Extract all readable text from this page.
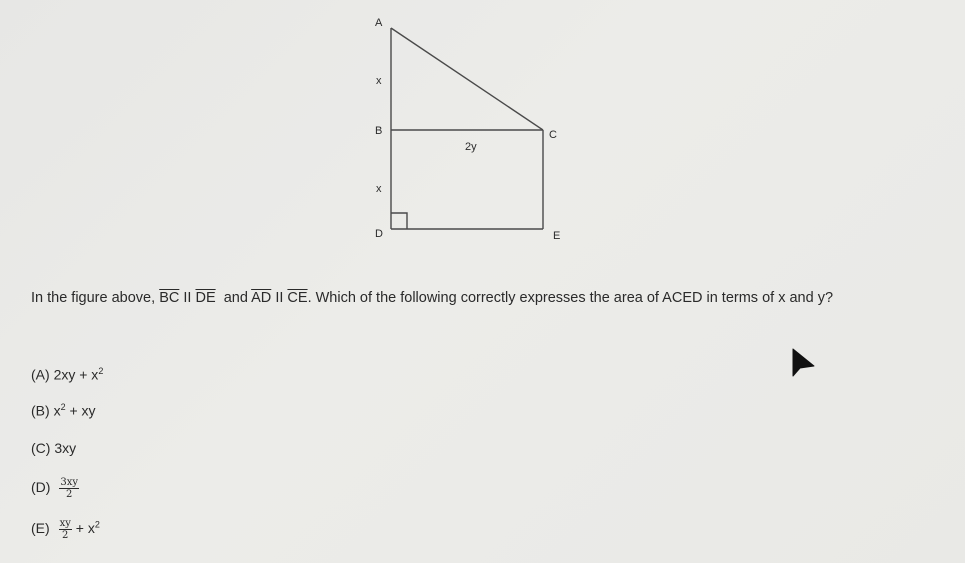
A
B	C
D	E
x
x
2y
In the figure above, $\overline{BC}$ II $\overline{DE}$ and $\overline{AD}$ II $\overline{CE}$. Which of the following correctly expresses the area of ACED in terms of x and y?
(A) $2xy + x^2$
(B) $x^2$ + xy
(C) 3xy
$(D) \frac{3xy}{2}$
$(E) \frac{xy}{2} + x^2$
